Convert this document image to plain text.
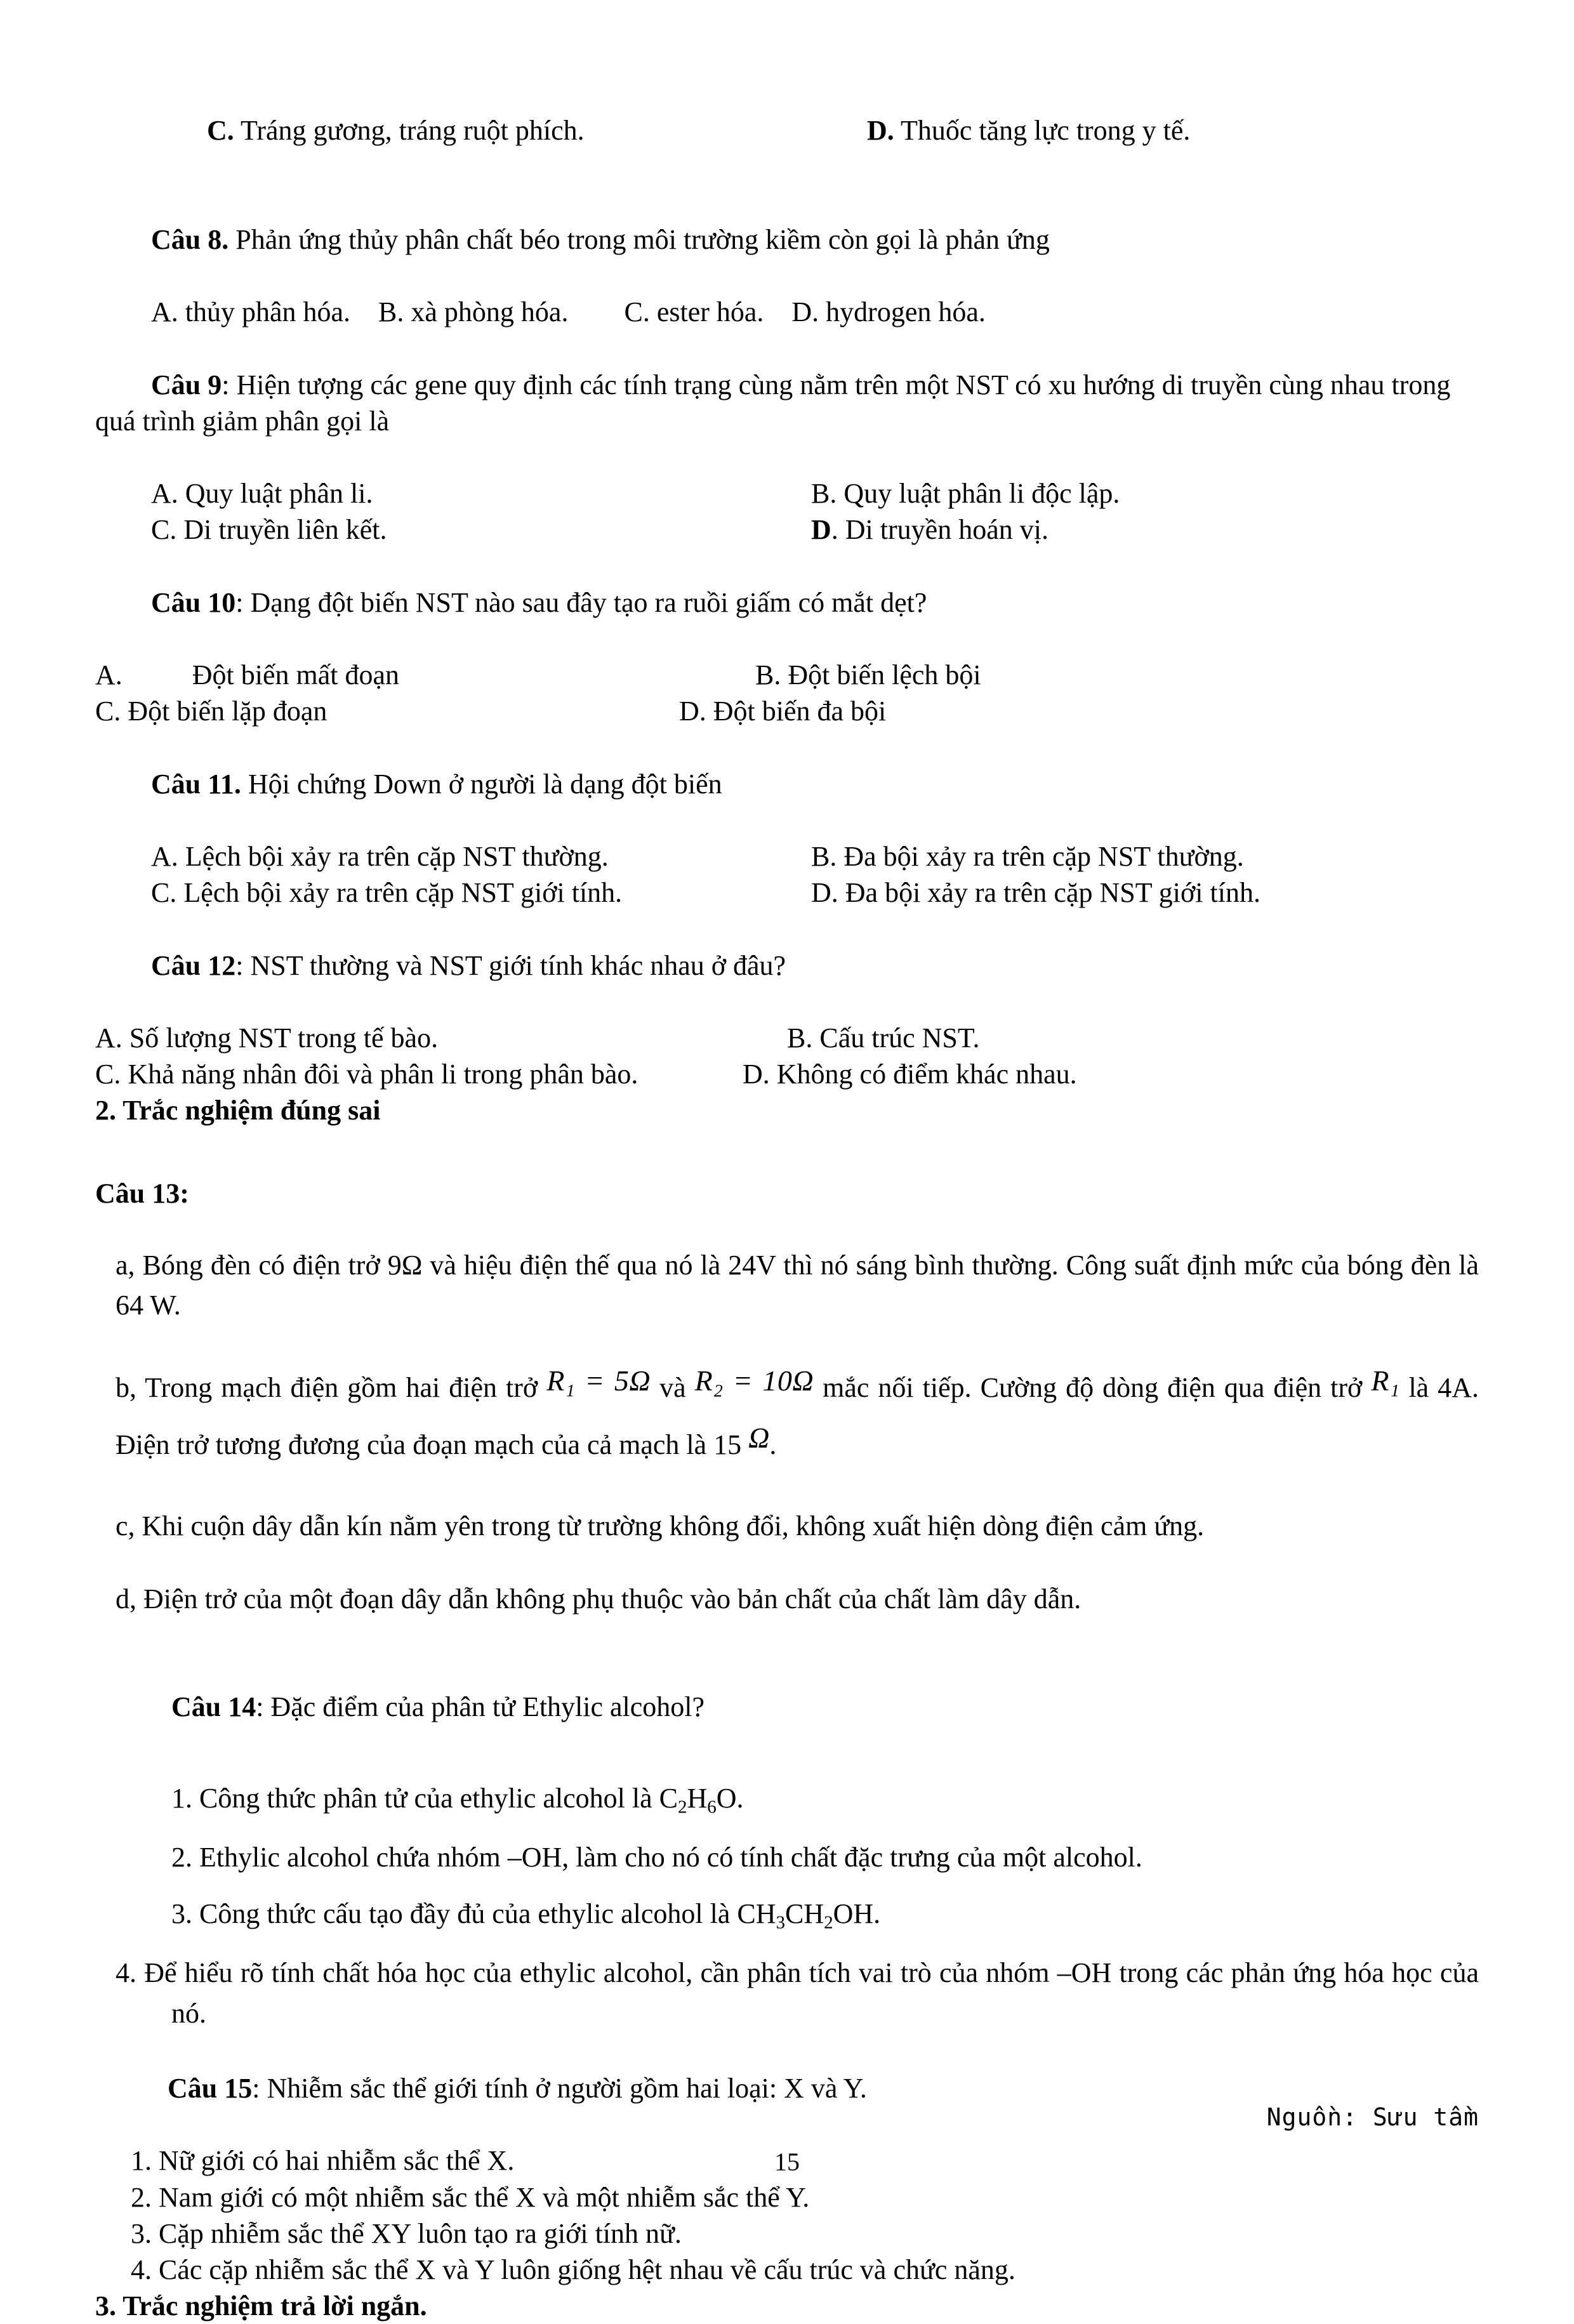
C. Tráng gương, tráng ruột phích.
	D. Thuốc tăng lực trong y tế.

Câu 8. Phản ứng thủy phân chất béo trong môi trường kiềm còn gọi là phản ứng

A. thủy phân hóa.    B. xà phòng hóa.        C. ester hóa.    D. hydrogen hóa.

Câu 9: Hiện tượng các gene quy định các tính trạng cùng nằm trên một NST có xu hướng di truyền cùng nhau trong quá trình giảm phân gọi là

A. Quy luật phân li.	B. Quy luật phân li độc lập.
C. Di truyền liên kết.	D. Di truyền hoán vị.

Câu 10: Dạng đột biến NST nào sau đây tạo ra ruồi giấm có mắt dẹt?

A.          Đột biến mất đoạn	B. Đột biến lệch bội
C. Đột biến lặp đoạn	D. Đột biến đa bội

Câu 11. Hội chứng Down ở người là dạng đột biến

A. Lệch bội xảy ra trên cặp NST thường.	B. Đa bội xảy ra trên cặp NST thường.
C. Lệch bội xảy ra trên cặp NST giới tính.	D. Đa bội xảy ra trên cặp NST giới tính.

Câu 12: NST thường và NST giới tính khác nhau ở đâu?

A. Số lượng NST trong tế bào.	B. Cấu trúc NST.
C. Khả năng nhân đôi và phân li trong phân bào.	D. Không có điểm khác nhau.
2. Trắc nghiệm đúng sai
Câu 13:

a, Bóng đèn có điện trở 9Ω và hiệu điện thế qua nó là 24V thì nó sáng bình thường. Công suất định mức của bóng đèn là 64 W.

b, Trong mạch điện gồm hai điện trở R₁ = 5Ω và R₂ = 10Ω mắc nối tiếp. Cường độ dòng điện qua điện trở R₁ là 4A. Điện trở tương đương của đoạn mạch của cả mạch là 15 Ω.

c, Khi cuộn dây dẫn kín nằm yên trong từ trường không đổi, không xuất hiện dòng điện cảm ứng.

d, Điện trở của một đoạn dây dẫn không phụ thuộc vào bản chất của chất làm dây dẫn.

Câu 14: Đặc điểm của phân tử Ethylic alcohol?

1. Công thức phân tử của ethylic alcohol là $C_2H_6O$.

2. Ethylic alcohol chứa nhóm –OH, làm cho nó có tính chất đặc trưng của một alcohol.

3. Công thức cấu tạo đầy đủ của ethylic alcohol là $CH_3CH_2OH$.

4. Để hiểu rõ tính chất hóa học của ethylic alcohol, cần phân tích vai trò của nhóm –OH trong các phản ứng hóa học của nó.

Câu 15: Nhiễm sắc thể giới tính ở người gồm hai loại: X và Y.

1. Nữ giới có hai nhiễm sắc thể X.
2. Nam giới có một nhiễm sắc thể X và một nhiễm sắc thể Y.
3. Cặp nhiễm sắc thể XY luôn tạo ra giới tính nữ.
4. Các cặp nhiễm sắc thể X và Y luôn giống hệt nhau về cấu trúc và chức năng.
3. Trắc nghiệm trả lời ngắn.
Nguồn: Sưu tầm
15
